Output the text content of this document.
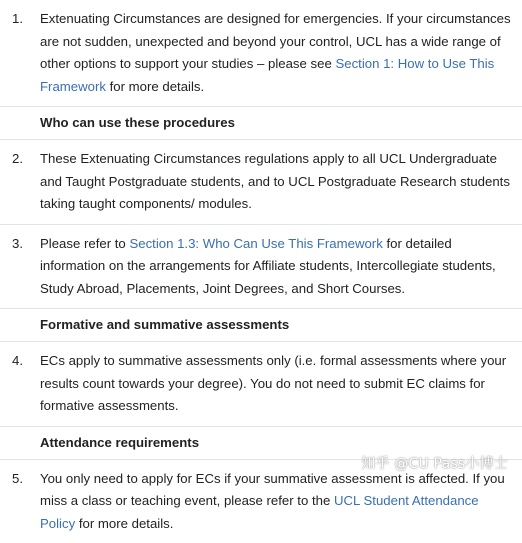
1.	Extenuating Circumstances are designed for emergencies. If your circumstances are not sudden, unexpected and beyond your control, UCL has a wide range of other options to support your studies – please see Section 1: How to Use This Framework for more details.
Who can use these procedures
2.	These Extenuating Circumstances regulations apply to all UCL Undergraduate and Taught Postgraduate students, and to UCL Postgraduate Research students taking taught components/ modules.
3.	Please refer to Section 1.3: Who Can Use This Framework for detailed information on the arrangements for Affiliate students, Intercollegiate students, Study Abroad, Placements, Joint Degrees, and Short Courses.
Formative and summative assessments
4.	ECs apply to summative assessments only (i.e. formal assessments where your results count towards your degree). You do not need to submit EC claims for formative assessments.
Attendance requirements
5.	You only need to apply for ECs if your summative assessment is affected. If you miss a class or teaching event, please refer to the UCL Student Attendance Policy for more details.
知乎 @CU Pass小博士
